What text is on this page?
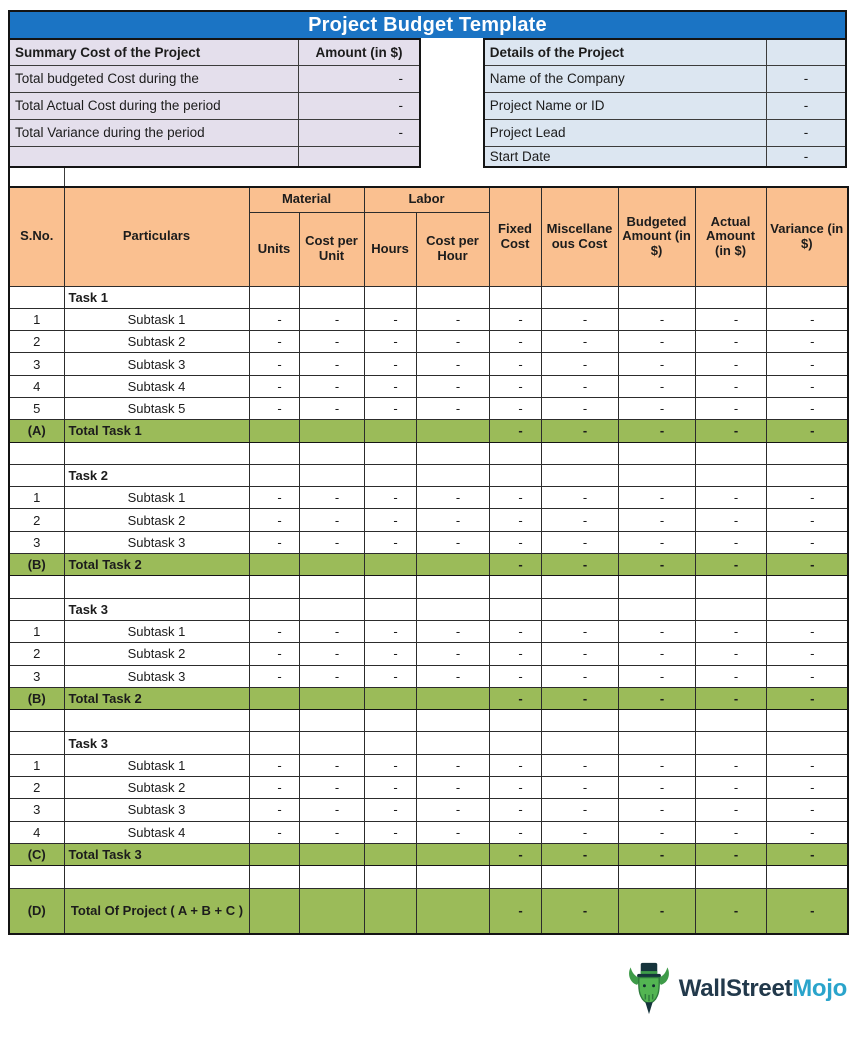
Project Budget Template
Summary Cost of the Project	Amount (in $)
Total budgeted Cost during the	-
Total Actual Cost during the period	-
Total Variance during the period	-

Details of the Project	
Name of the Company	-
Project Name or ID	-
Project Lead	-
Start Date	-
S.No.	Particulars	Material		Labor		Fixed Cost	Miscellaneous Cost	Budgeted Amount (in $)	Actual Amount (in $)	Variance (in $)
		Units	Cost per Unit	Hours	Cost per Hour					
	Task 1									
1	Subtask 1	-	-	-	-	-	-	-	-	-
2	Subtask 2	-	-	-	-	-	-	-	-	-
3	Subtask 3	-	-	-	-	-	-	-	-	-
4	Subtask 4	-	-	-	-	-	-	-	-	-
5	Subtask 5	-	-	-	-	-	-	-	-	-
(A)	Total Task 1					-	-	-	-	-

	Task 2									
1	Subtask 1	-	-	-	-	-	-	-	-	-
2	Subtask 2	-	-	-	-	-	-	-	-	-
3	Subtask 3	-	-	-	-	-	-	-	-	-
(B)	Total Task 2					-	-	-	-	-

	Task 3									
1	Subtask 1	-	-	-	-	-	-	-	-	-
2	Subtask 2	-	-	-	-	-	-	-	-	-
3	Subtask 3	-	-	-	-	-	-	-	-	-
(B)	Total Task 2					-	-	-	-	-

	Task 3									
1	Subtask 1	-	-	-	-	-	-	-	-	-
2	Subtask 2	-	-	-	-	-	-	-	-	-
3	Subtask 3	-	-	-	-	-	-	-	-	-
4	Subtask 4	-	-	-	-	-	-	-	-	-
(C)	Total Task 3					-	-	-	-	-

(D)	Total Of Project ( A + B + C )					-	-	-	-	-
WallStreetMojo
